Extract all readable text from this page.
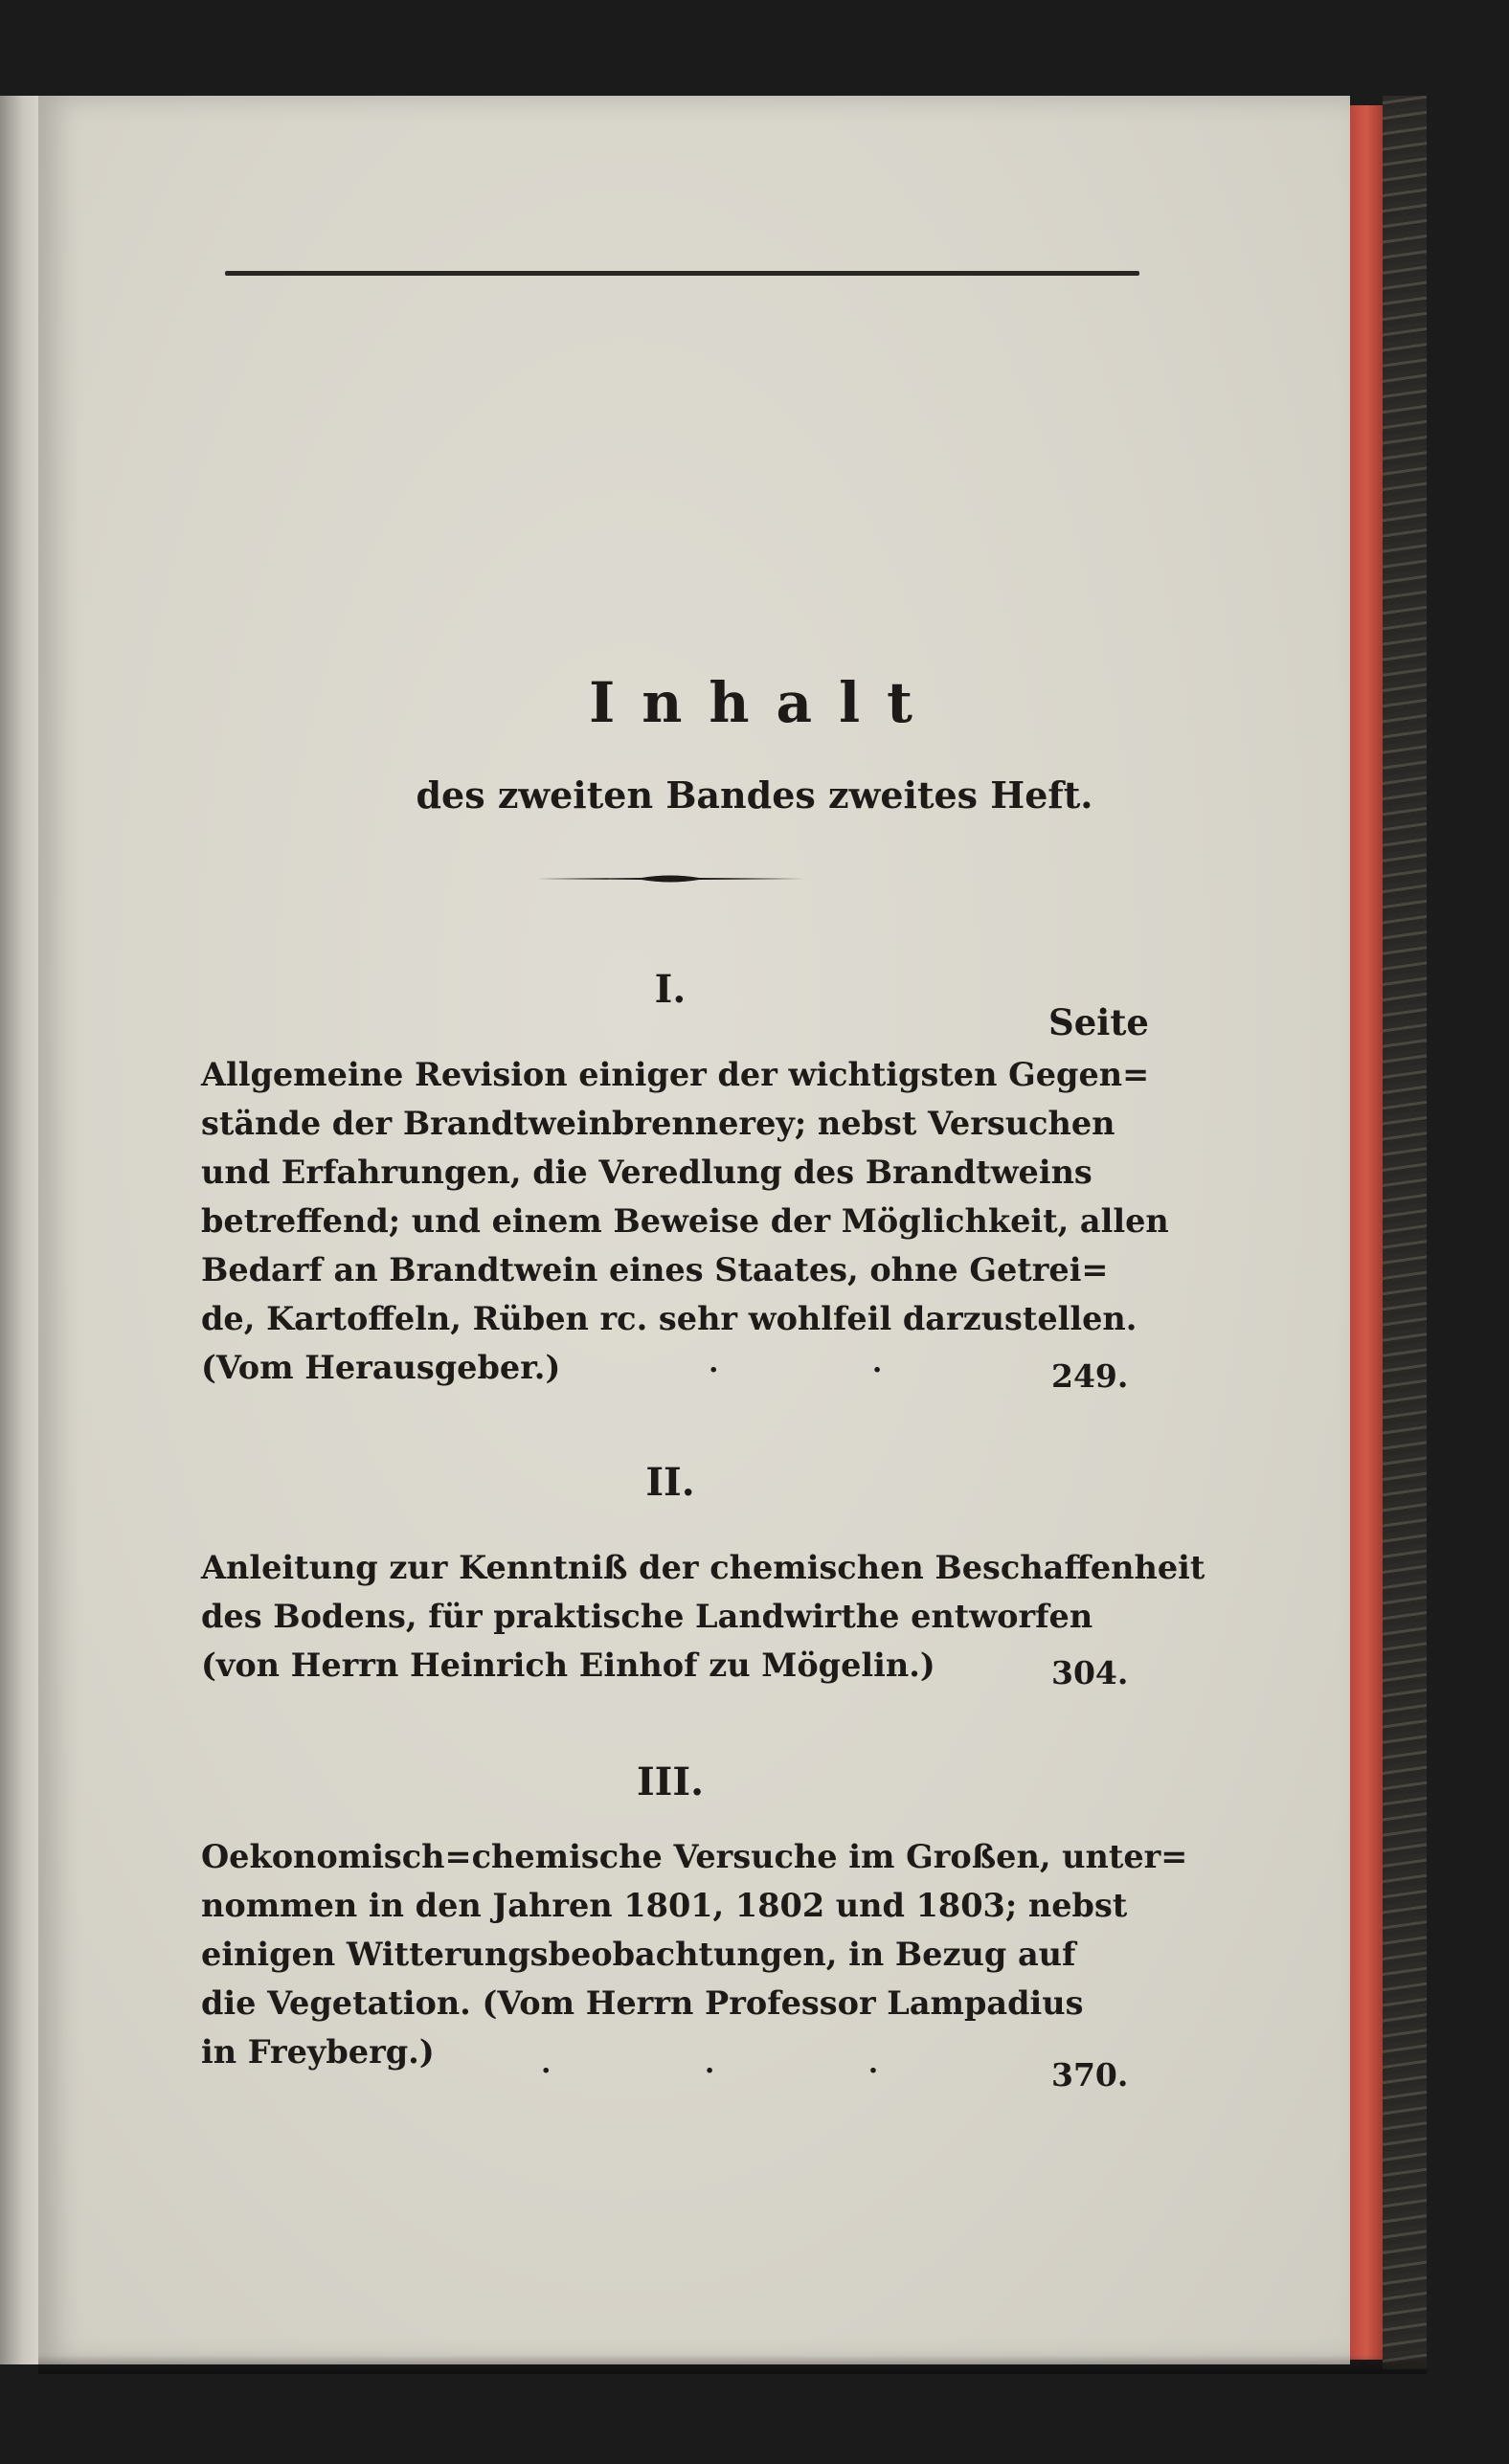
Inhalt
des zweiten Bandes zweites Heft.
I.
Seite
Allgemeine Revision einiger der wichtigsten Gegen=
stände der Brandtweinbrennerey; nebst Versuchen
und Erfahrungen, die Veredlung des Brandtweins
betreffend; und einem Beweise der Möglichkeit, allen
Bedarf an Brandtwein eines Staates, ohne Getrei=
de, Kartoffeln, Rüben rc. sehr wohlfeil darzustellen.
(Vom Herausgeber.)	. .	249.
II.
Anleitung zur Kenntniß der chemischen Beschaffenheit
des Bodens, für praktische Landwirthe entworfen
(von Herrn Heinrich Einhof zu Mögelin.)	304.
III.
Oekonomisch=chemische Versuche im Großen, unter=
nommen in den Jahren 1801, 1802 und 1803; nebst
einigen Witterungsbeobachtungen, in Bezug auf
die Vegetation. (Vom Herrn Professor Lampadius
in Freyberg.)	. . .	370.
